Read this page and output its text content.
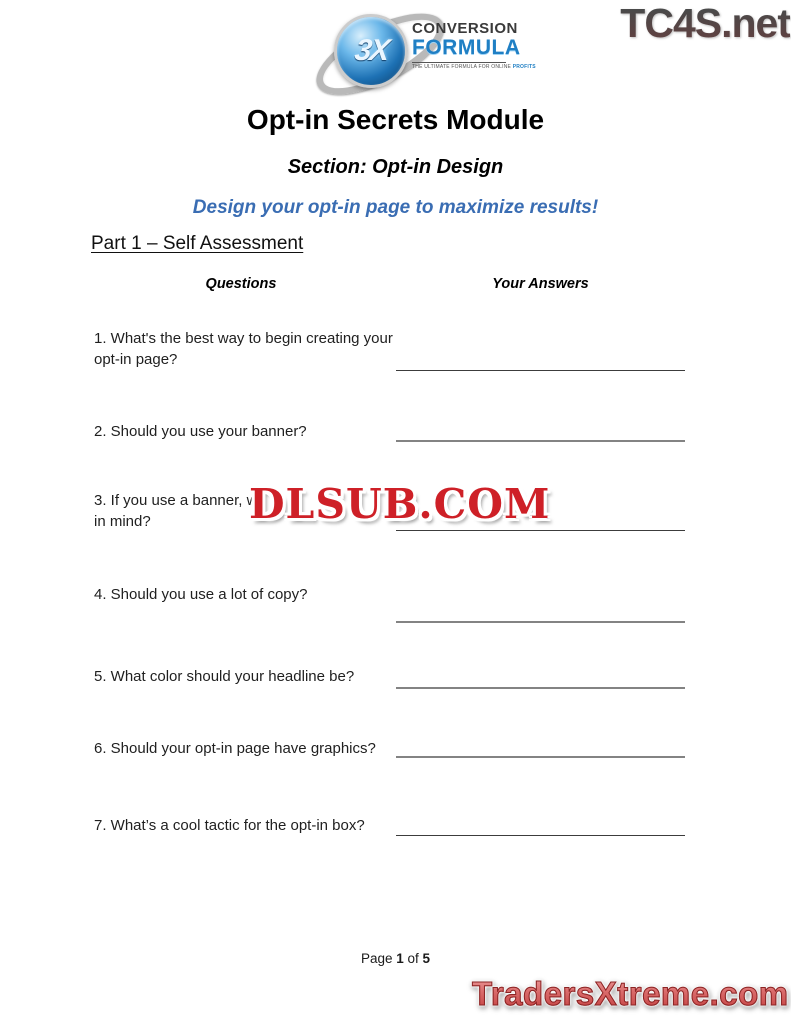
3X
CONVERSION
FORMULA
THE ULTIMATE FORMULA FOR ONLINE PROFITS
TC4S.net
Opt-in Secrets Module
Section: Opt-in Design
Design your opt-in page to maximize results!
Part 1 – Self Assessment
Questions	Your Answers
1. What's the best way to begin creating your
opt-in page?
2. Should you use your banner?
3. If you use a banner, wh
in mind?
4. Should you use a lot of copy?
5. What color should your headline be?
6. Should your opt-in page have graphics?
7. What’s a cool tactic for the opt-in box?
DLSUB.COM
Page 1 of 5
TradersXtreme.com
